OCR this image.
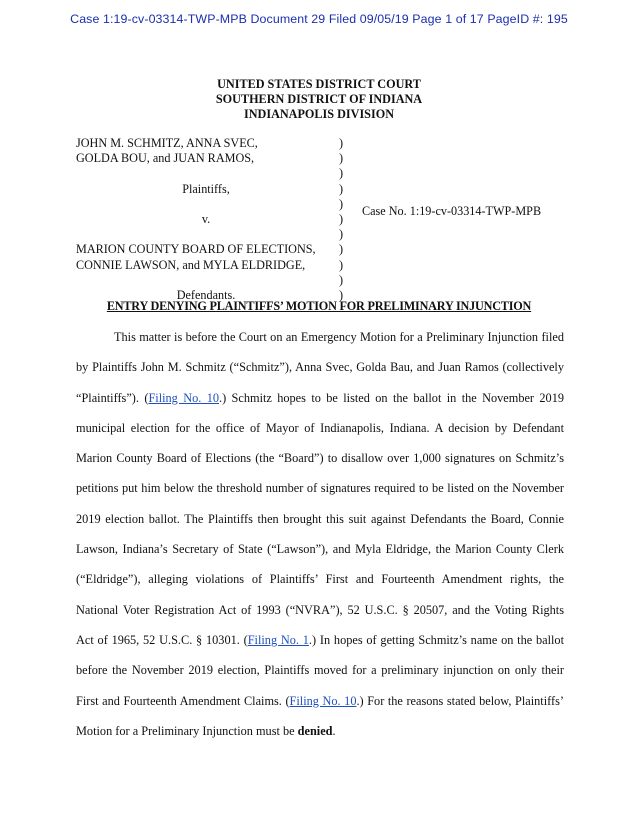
Case 1:19-cv-03314-TWP-MPB Document 29 Filed 09/05/19 Page 1 of 17 PageID #: 195
UNITED STATES DISTRICT COURT
SOUTHERN DISTRICT OF INDIANA
INDIANAPOLIS DIVISION
JOHN M. SCHMITZ, ANNA SVEC,
GOLDA BOU, and JUAN RAMOS,
Plaintiffs,
v.
MARION COUNTY BOARD OF ELECTIONS,
CONNIE LAWSON, and MYLA ELDRIDGE,
Defendants.
)
)
)
)
)
)
)
)
)
)
)
Case No. 1:19-cv-03314-TWP-MPB
ENTRY DENYING PLAINTIFFS’ MOTION FOR PRELIMINARY INJUNCTION
This matter is before the Court on an Emergency Motion for a Preliminary Injunction filed
by Plaintiffs John M. Schmitz (“Schmitz”), Anna Svec, Golda Bau, and Juan Ramos (collectively
“Plaintiffs”). (Filing No. 10.) Schmitz hopes to be listed on the ballot in the November 2019
municipal election for the office of Mayor of Indianapolis, Indiana. A decision by Defendant
Marion County Board of Elections (the “Board”) to disallow over 1,000 signatures on Schmitz’s
petitions put him below the threshold number of signatures required to be listed on the November
2019 election ballot. The Plaintiffs then brought this suit against Defendants the Board, Connie
Lawson, Indiana’s Secretary of State (“Lawson”), and Myla Eldridge, the Marion County Clerk
(“Eldridge”), alleging violations of Plaintiffs’ First and Fourteenth Amendment rights, the
National Voter Registration Act of 1993 (“NVRA”), 52 U.S.C. § 20507, and the Voting Rights
Act of 1965, 52 U.S.C. § 10301. (Filing No. 1.) In hopes of getting Schmitz’s name on the ballot
before the November 2019 election, Plaintiffs moved for a preliminary injunction on only their
First and Fourteenth Amendment Claims. (Filing No. 10.) For the reasons stated below, Plaintiffs’
Motion for a Preliminary Injunction must be denied.
